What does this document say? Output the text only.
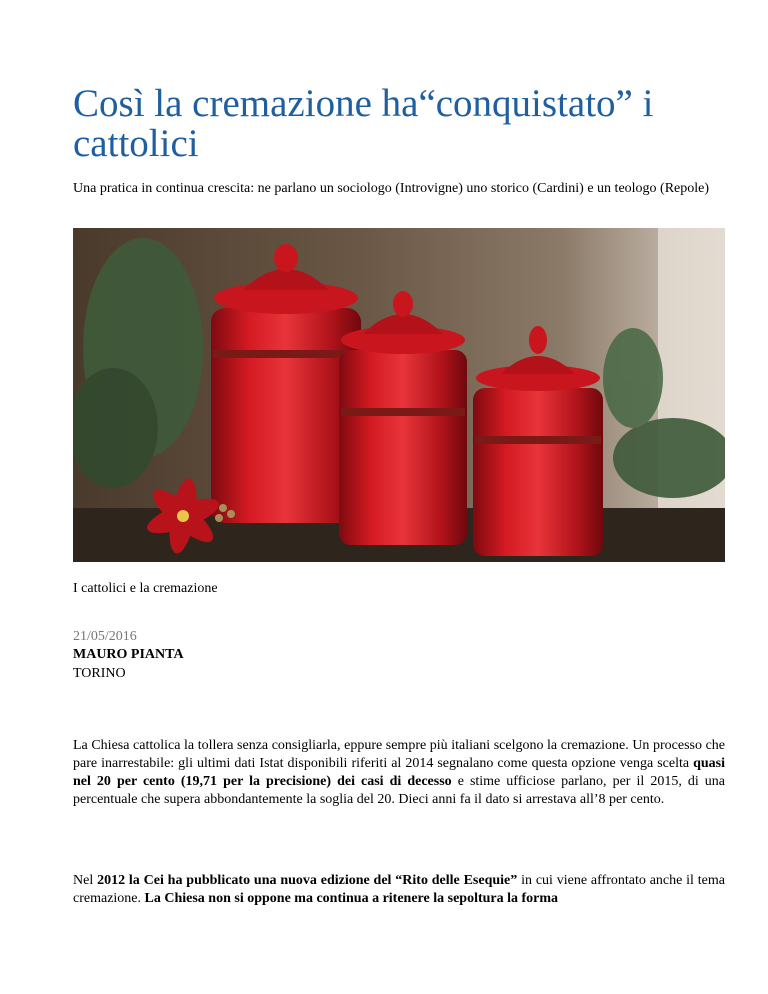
Così la cremazione ha“conquistato” i cattolici
Una pratica in continua crescita: ne parlano un sociologo (Introvigne) uno storico (Cardini) e un teologo (Repole)
I cattolici e la cremazione
21/05/2016
MAURO PIANTA
TORINO

La Chiesa cattolica la tollera senza consigliarla, eppure sempre più italiani scelgono la cremazione. Un processo che pare inarrestabile: gli ultimi dati Istat disponibili riferiti al 2014 segnalano come questa opzione venga scelta quasi nel 20 per cento (19,71 per la precisione) dei casi di decesso e stime ufficiose parlano, per il 2015, di una percentuale che supera abbondantemente la soglia del 20. Dieci anni fa il dato si arrestava all’8 per cento.

Nel 2012 la Cei ha pubblicato una nuova edizione del “Rito delle Esequie” in cui viene affrontato anche il tema cremazione. La Chiesa non si oppone ma continua a ritenere la sepoltura la forma
